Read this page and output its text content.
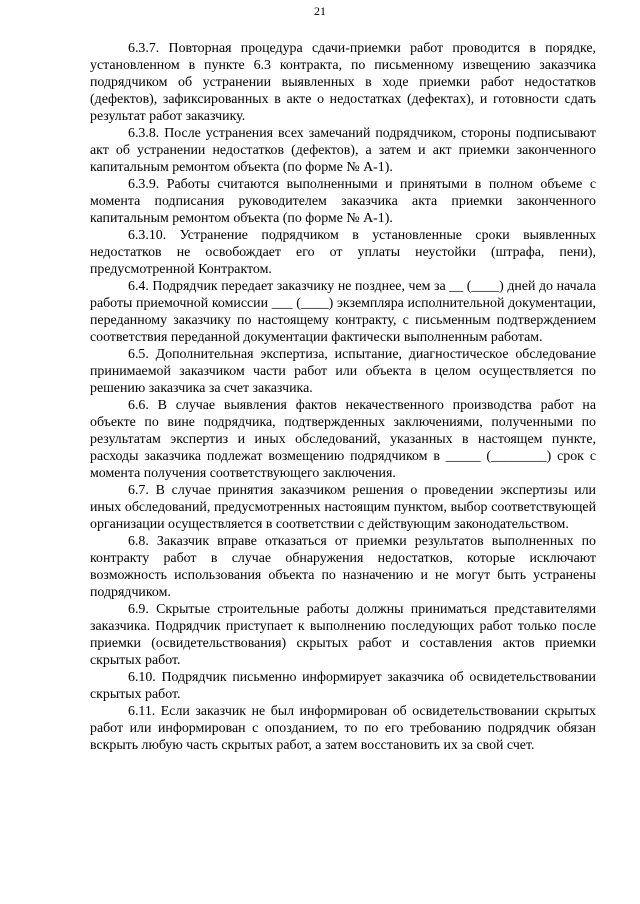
21

6.3.7. Повторная процедура сдачи-приемки работ проводится в порядке, установленном в пункте 6.3 контракта, по письменному извещению заказчика подрядчиком об устранении выявленных в ходе приемки работ недостатков (дефектов), зафиксированных в акте о недостатках (дефектах), и готовности сдать результат работ заказчику.

6.3.8. После устранения всех замечаний подрядчиком, стороны подписывают акт об устранении недостатков (дефектов), а затем и акт приемки законченного капитальным ремонтом объекта (по форме № А-1).

6.3.9. Работы считаются выполненными и принятыми в полном объеме с момента подписания руководителем заказчика акта приемки законченного капитальным ремонтом объекта (по форме № А-1).

6.3.10. Устранение подрядчиком в установленные сроки выявленных недостатков не освобождает его от уплаты неустойки (штрафа, пени), предусмотренной Контрактом.

6.4. Подрядчик передает заказчику не позднее, чем за __ (____) дней до начала работы приемочной комиссии ___ (____) экземпляра исполнительной документации, переданному заказчику по настоящему контракту, с письменным подтверждением соответствия переданной документации фактически выполненным работам.

6.5. Дополнительная экспертиза, испытание, диагностическое обследование принимаемой заказчиком части работ или объекта в целом осуществляется по решению заказчика за счет заказчика.

6.6. В случае выявления фактов некачественного производства работ на объекте по вине подрядчика, подтвержденных заключениями, полученными по результатам экспертиз и иных обследований, указанных в настоящем пункте, расходы заказчика подлежат возмещению подрядчиком в _____ (________) срок с момента получения соответствующего заключения.

6.7. В случае принятия заказчиком решения о проведении экспертизы или иных обследований, предусмотренных настоящим пунктом, выбор соответствующей организации осуществляется в соответствии с действующим законодательством.

6.8. Заказчик вправе отказаться от приемки результатов выполненных по контракту работ в случае обнаружения недостатков, которые исключают возможность использования объекта по назначению и не могут быть устранены подрядчиком.

6.9. Скрытые строительные работы должны приниматься представителями заказчика. Подрядчик приступает к выполнению последующих работ только после приемки (освидетельствования) скрытых работ и составления актов приемки скрытых работ.

6.10. Подрядчик письменно информирует заказчика об освидетельствовании скрытых работ.

6.11. Если заказчик не был информирован об освидетельствовании скрытых работ или информирован с опозданием, то по его требованию подрядчик обязан вскрыть любую часть скрытых работ, а затем восстановить их за свой счет.
